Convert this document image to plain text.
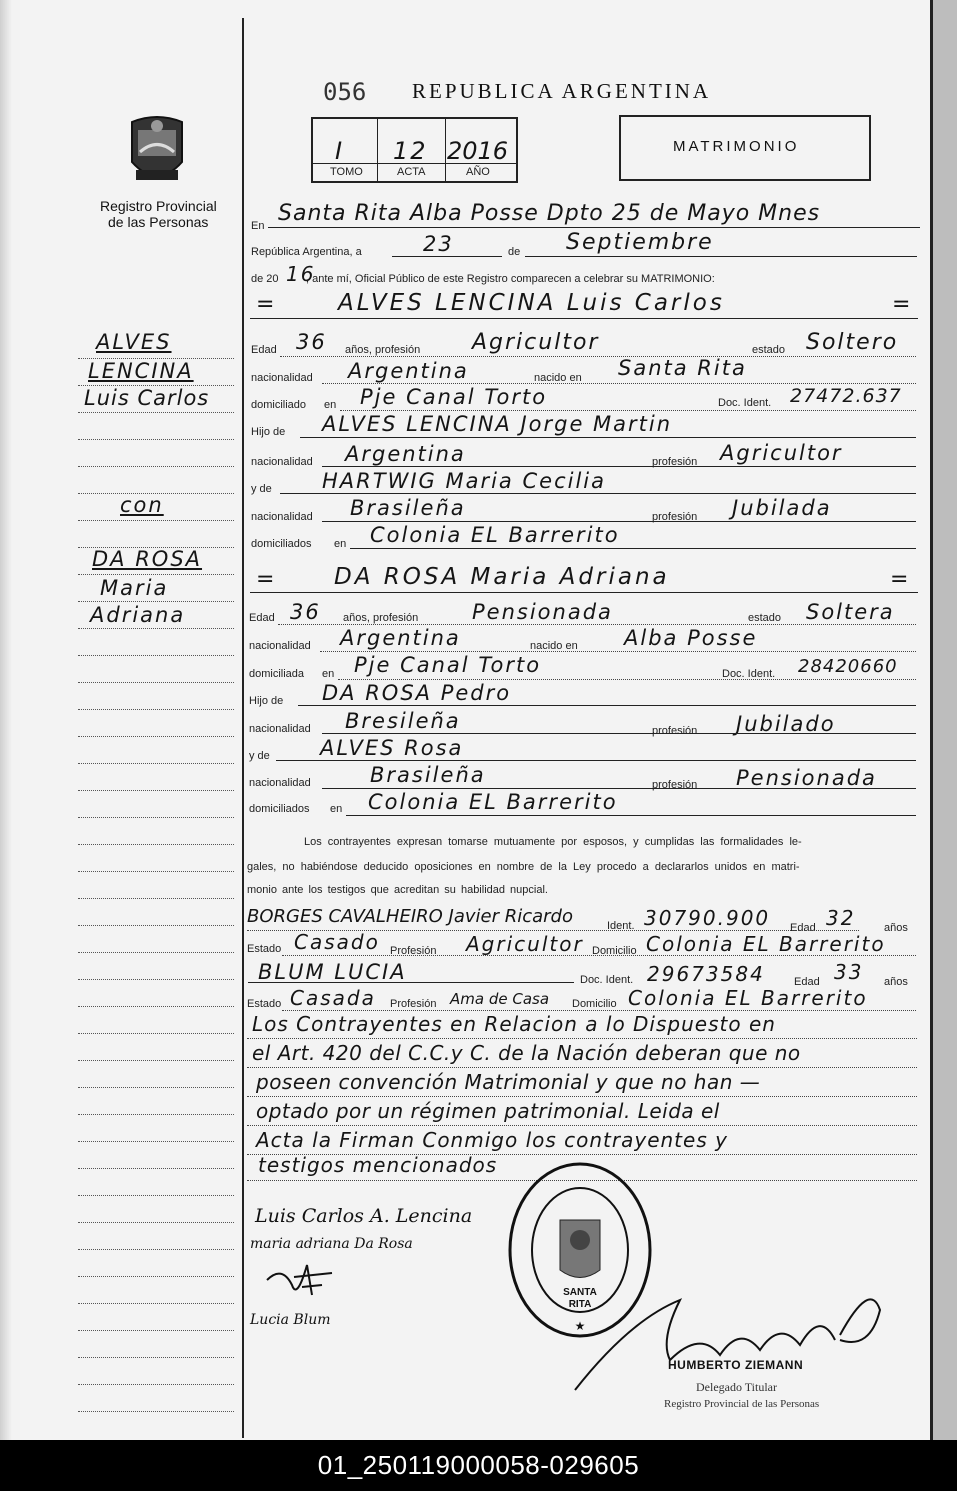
056 REPUBLICA ARGENTINA
Registro Provincial
de las Personas
I 12 2016
TOMO	ACTA	AÑO
MATRIMONIO
En Santa Rita Alba Posse Dpto 25 de Mayo Mnes
República Argentina, a	23	de Septiembre
de 20 16
, ante mí, Oficial Público de este Registro comparecen a celebrar su MATRIMONIO:
=	ALVES LENCINA Luis Carlos	=
Edad 36 años, profesión Agricultor	estado Soltero
nacionalidad Argentina	nacido en Santa Rita
domiciliado en Pje Canal Torto	Doc. Ident. 27472.637
Hijo de ALVES LENCINA Jorge Martin
nacionalidad Argentina	profesión Agricultor
y de HARTWIG Maria Cecilia
nacionalidad Brasileña	profesión Jubilada
domiciliados en Colonia EL Barrerito
=	DA ROSA Maria Adriana	=
Edad 36 años, profesión	Pensionada	estado Soltera
nacionalidad Argentina	nacido en Alba Posse
domiciliada en Pje Canal Torto	Doc. Ident. 28420660
Hijo de DA ROSA Pedro
nacionalidad Bresileña	profesión Jubilado
y de ALVES Rosa
nacionalidad	Brasileña	profesión Pensionada
domiciliados en Colonia EL Barrerito
Los contrayentes expresan tomarse mutuamente por esposos, y cumplidas las formalidades le-
gales, no habiéndose deducido oposiciones en nombre de la Ley procedo a declararlos unidos en matri-
monio ante los testigos que acreditan su habilidad nupcial.
BORGES CAVALHEIRO Javier Ricardo	Ident. 30790.900 Edad 32	años
Estado Casado Profesión Agricultor Domicilio Colonia EL Barrerito
BLUM LUCIA	Doc. Ident. 29673584	Edad 33 años
Estado Casada Profesión Ama de Casa Domicilio Colonia EL Barrerito
Los Contrayentes en Relacion a lo Dispuesto en
el Art. 420 del C.C.y C. de la Nación deberan que no
poseen convención Matrimonial y que no han —
optado por un régimen patrimonial. Leida el
Acta la Firman Conmigo los contrayentes y
testigos mencionados
Luis Carlos A. Lencina
maria adriana Da Rosa
Lucia Blum
SANTA
RITA
★
HUMBERTO ZIEMANN
Delegado Titular
Registro Provincial de las Personas
ALVES
LENCINA
Luis Carlos
con
DA ROSA
Maria
Adriana
01_250119000058-029605
